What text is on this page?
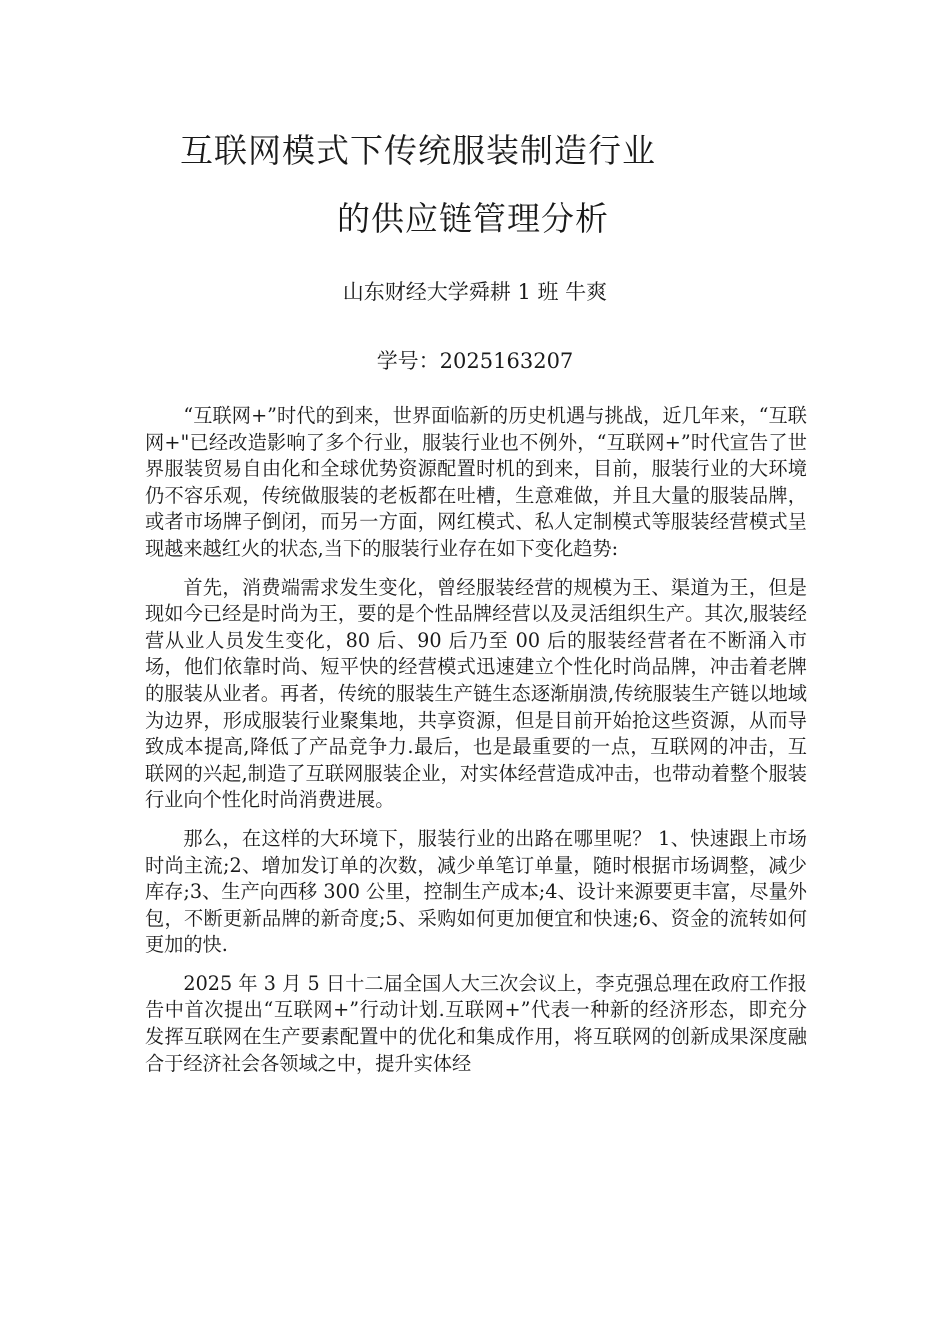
互联网模式下传统服装制造行业
的供应链管理分析
山东财经大学舜耕 1 班 牛爽
学号：2025163207

“互联网+”时代的到来，世界面临新的历史机遇与挑战，近几年来，“互联网+"已经改造影响了多个行业，服装行业也不例外，“互联网+”时代宣告了世界服装贸易自由化和全球优势资源配置时机的到来，目前，服装行业的大环境仍不容乐观，传统做服装的老板都在吐槽，生意难做，并且大量的服装品牌，或者市场牌子倒闭，而另一方面，网红模式、私人定制模式等服装经营模式呈现越来越红火的状态,当下的服装行业存在如下变化趋势:

首先，消费端需求发生变化，曾经服装经营的规模为王、渠道为王，但是现如今已经是时尚为王，要的是个性品牌经营以及灵活组织生产。其次,服装经营从业人员发生变化，80 后、90 后乃至 00 后的服装经营者在不断涌入市场，他们依靠时尚、短平快的经营模式迅速建立个性化时尚品牌，冲击着老牌的服装从业者。再者，传统的服装生产链生态逐渐崩溃,传统服装生产链以地域为边界，形成服装行业聚集地，共享资源，但是目前开始抢这些资源，从而导致成本提高,降低了产品竞争力.最后，也是最重要的一点，互联网的冲击，互联网的兴起,制造了互联网服装企业，对实体经营造成冲击，也带动着整个服装行业向个性化时尚消费进展。

那么，在这样的大环境下，服装行业的出路在哪里呢？ 1、快速跟上市场时尚主流;2、增加发订单的次数，减少单笔订单量，随时根据市场调整，减少库存;3、生产向西移 300 公里，控制生产成本;4、设计来源要更丰富，尽量外包，不断更新品牌的新奇度;5、采购如何更加便宜和快速;6、资金的流转如何更加的快.

2025 年 3 月 5 日十二届全国人大三次会议上，李克强总理在政府工作报告中首次提出“互联网+”行动计划.互联网+”代表一种新的经济形态，即充分发挥互联网在生产要素配置中的优化和集成作用，将互联网的创新成果深度融合于经济社会各领域之中，提升实体经
